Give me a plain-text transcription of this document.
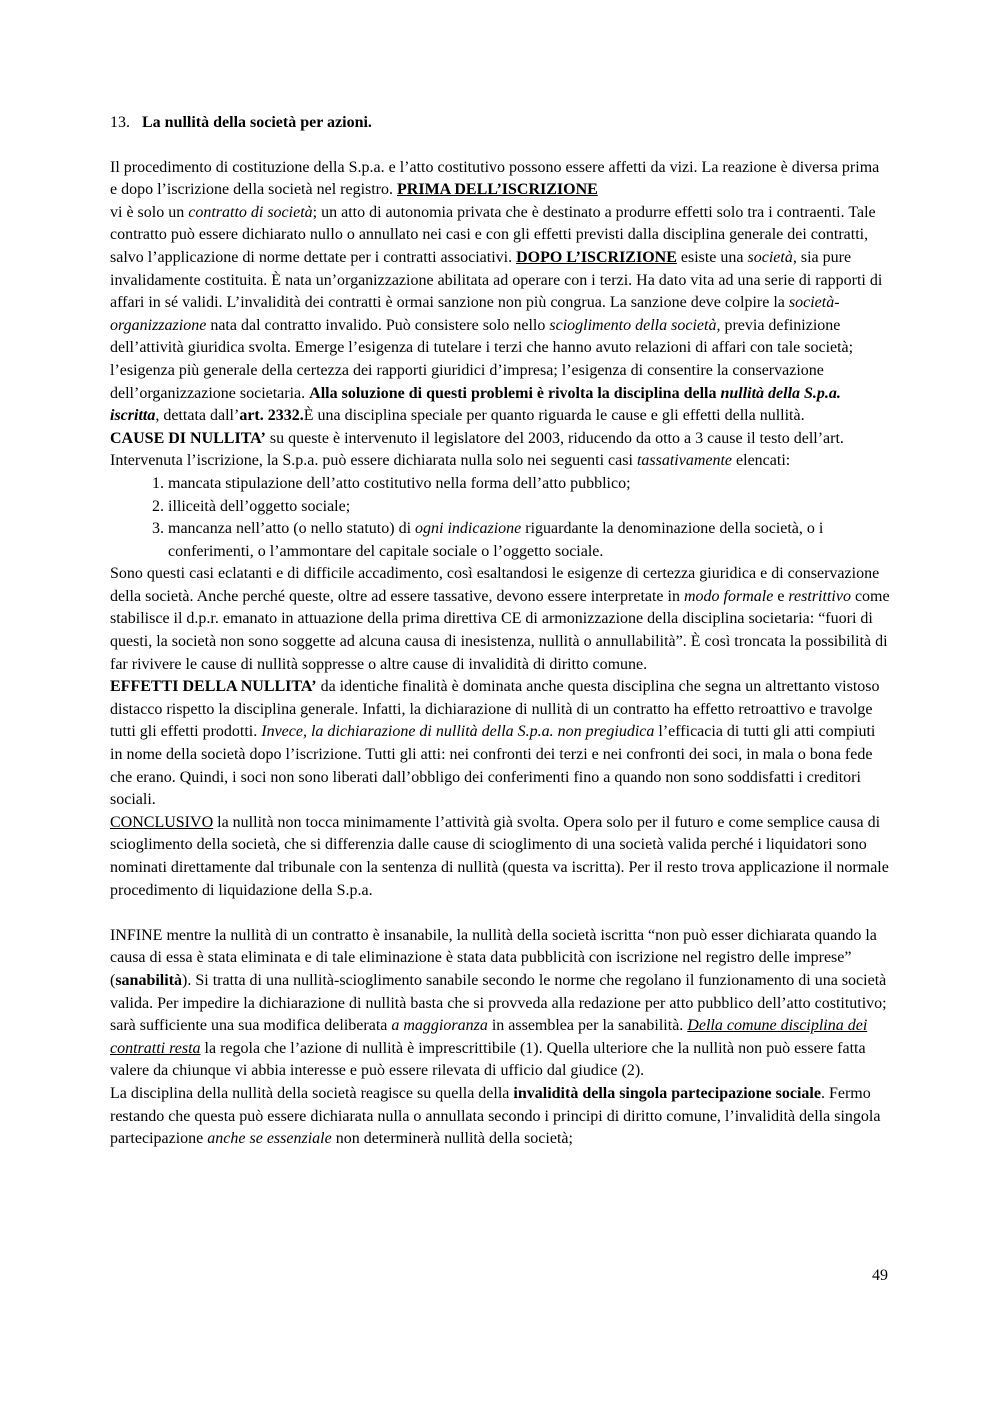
13. La nullità della società per azioni.

Il procedimento di costituzione della S.p.a. e l’atto costitutivo possono essere affetti da vizi. La reazione è diversa prima e dopo l’iscrizione della società nel registro. PRIMA DELL’ISCRIZIONE
vi è solo un contratto di società; un atto di autonomia privata che è destinato a produrre effetti solo tra i contraenti. Tale contratto può essere dichiarato nullo o annullato nei casi e con gli effetti previsti dalla disciplina generale dei contratti, salvo l’applicazione di norme dettate per i contratti associativi. DOPO L’ISCRIZIONE esiste una società, sia pure invalidamente costituita. È nata un’organizzazione abilitata ad operare con i terzi. Ha dato vita ad una serie di rapporti di affari in sé validi. L’invalidità dei contratti è ormai sanzione non più congrua. La sanzione deve colpire la società-organizzazione nata dal contratto invalido. Può consistere solo nello scioglimento della società, previa definizione dell’attività giuridica svolta. Emerge l’esigenza di tutelare i terzi che hanno avuto relazioni di affari con tale società; l’esigenza più generale della certezza dei rapporti giuridici d’impresa; l’esigenza di consentire la conservazione dell’organizzazione societaria. Alla soluzione di questi problemi è rivolta la disciplina della nullità della S.p.a. iscritta, dettata dall’art. 2332.È una disciplina speciale per quanto riguarda le cause e gli effetti della nullità.
CAUSE DI NULLITA’ su queste è intervenuto il legislatore del 2003, riducendo da otto a 3 cause il testo dell’art. Intervenuta l’iscrizione, la S.p.a. può essere dichiarata nulla solo nei seguenti casi tassativamente elencati:

1. mancata stipulazione dell’atto costitutivo nella forma dell’atto pubblico;
2. illiceità dell’oggetto sociale;
3. mancanza nell’atto (o nello statuto) di ogni indicazione riguardante la denominazione della società, o i conferimenti, o l’ammontare del capitale sociale o l’oggetto sociale.

Sono questi casi eclatanti e di difficile accadimento, così esaltandosi le esigenze di certezza giuridica e di conservazione della società. Anche perché queste, oltre ad essere tassative, devono essere interpretate in modo formale e restrittivo come stabilisce il d.p.r. emanato in attuazione della prima direttiva CE di armonizzazione della disciplina societaria: “fuori di questi, la società non sono soggette ad alcuna causa di inesistenza, nullità o annullabilità”. È così troncata la possibilità di far rivivere le cause di nullità soppresse o altre cause di invalidità di diritto comune.

EFFETTI DELLA NULLITA’ da identiche finalità è dominata anche questa disciplina che segna un altrettanto vistoso distacco rispetto la disciplina generale. Infatti, la dichiarazione di nullità di un contratto ha effetto retroattivo e travolge tutti gli effetti prodotti. Invece, la dichiarazione di nullità della S.p.a. non pregiudica l’efficacia di tutti gli atti compiuti in nome della società dopo l’iscrizione. Tutti gli atti: nei confronti dei terzi e nei confronti dei soci, in mala o bona fede che erano. Quindi, i soci non sono liberati dall’obbligo dei conferimenti fino a quando non sono soddisfatti i creditori sociali.

CONCLUSIVO la nullità non tocca minimamente l’attività già svolta. Opera solo per il futuro e come semplice causa di scioglimento della società, che si differenzia dalle cause di scioglimento di una società valida perché i liquidatori sono nominati direttamente dal tribunale con la sentenza di nullità (questa va iscritta). Per il resto trova applicazione il normale procedimento di liquidazione della S.p.a.

INFINE mentre la nullità di un contratto è insanabile, la nullità della società iscritta “non può esser dichiarata quando la causa di essa è stata eliminata e di tale eliminazione è stata data pubblicità con iscrizione nel registro delle imprese” (sanabilità). Si tratta di una nullità-scioglimento sanabile secondo le norme che regolano il funzionamento di una società valida. Per impedire la dichiarazione di nullità basta che si provveda alla redazione per atto pubblico dell’atto costitutivo; sarà sufficiente una sua modifica deliberata a maggioranza in assemblea per la sanabilità. Della comune disciplina dei contratti resta la regola che l’azione di nullità è imprescrittibile (1). Quella ulteriore che la nullità non può essere fatta valere da chiunque vi abbia interesse e può essere rilevata di ufficio dal giudice (2).

La disciplina della nullità della società reagisce su quella della invalidità della singola partecipazione sociale. Fermo restando che questa può essere dichiarata nulla o annullata secondo i principi di diritto comune, l’invalidità della singola partecipazione anche se essenziale non determinerà nullità della società;

49
